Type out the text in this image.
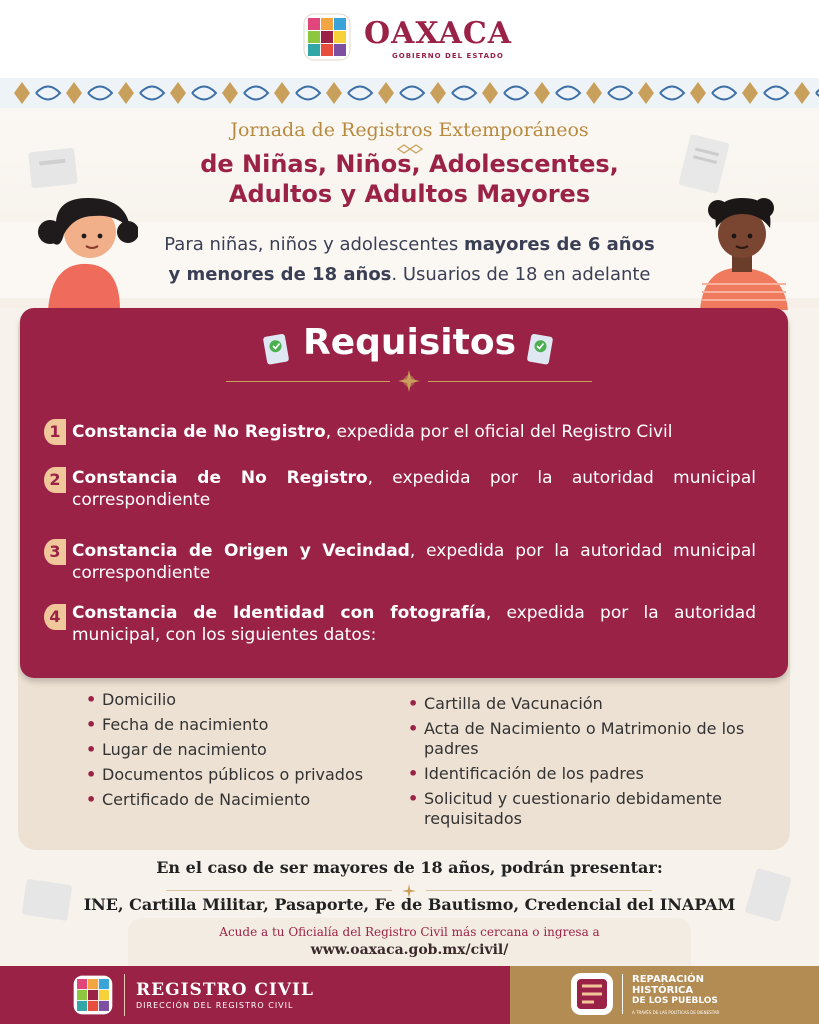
OAXACA
GOBIERNO DEL ESTADO
Jornada de Registros Extemporáneos
de Niñas, Niños, Adolescentes,
Adultos y Adultos Mayores
Para niñas, niños y adolescentes mayores de 6 años
y menores de 18 años. Usuarios de 18 en adelante
Requisitos
1 Constancia de No Registro, expedida por el oficial del Registro Civil
2 Constancia de No Registro, expedida por la autoridad municipal correspondiente
3 Constancia de Origen y Vecindad, expedida por la autoridad municipal correspondiente
4 Constancia de Identidad con fotografía, expedida por la autoridad municipal, con los siguientes datos:
• Domicilio
• Fecha de nacimiento
• Lugar de nacimiento
• Documentos públicos o privados
• Certificado de Nacimiento
• Cartilla de Vacunación
• Acta de Nacimiento o Matrimonio de los padres
• Identificación de los padres
• Solicitud y cuestionario debidamente requisitados
En el caso de ser mayores de 18 años, podrán presentar:
INE, Cartilla Militar, Pasaporte, Fe de Bautismo, Credencial del INAPAM
Acude a tu Oficialía del Registro Civil más cercana o ingresa a
www.oaxaca.gob.mx/civil/
REGISTRO CIVIL
DIRECCIÓN DEL REGISTRO CIVIL
REPARACIÓN
HISTÓRICA
DE LOS PUEBLOS
A TRAVÉS DE LAS POLÍTICAS DE BIENESTAR
